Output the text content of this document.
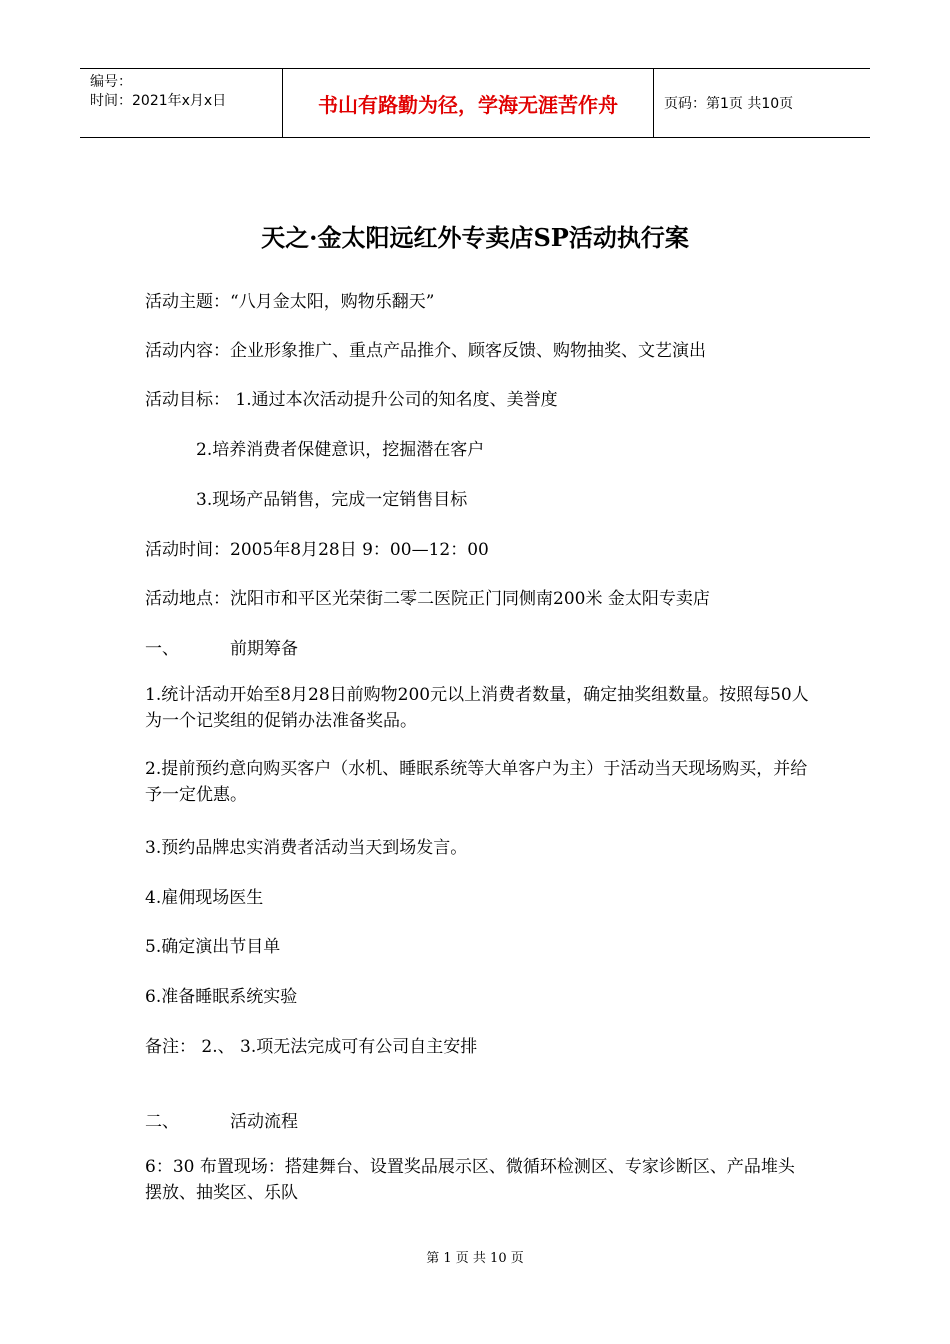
编号：
时间：2021年x月x日	书山有路勤为径，学海无涯苦作舟	页码：第1页 共10页
天之·金太阳远红外专卖店SP活动执行案
活动主题：“八月金太阳，购物乐翻天”
活动内容：企业形象推广、重点产品推介、顾客反馈、购物抽奖、文艺演出
活动目标： 1.通过本次活动提升公司的知名度、美誉度
2.培养消费者保健意识，挖掘潜在客户
3.现场产品销售，完成一定销售目标
活动时间：2005年8月28日 9：00—12：00
活动地点：沈阳市和平区光荣街二零二医院正门同侧南200米 金太阳专卖店
一、	前期筹备
1.统计活动开始至8月28日前购物200元以上消费者数量，确定抽奖组数量。按照每50人为一个记奖组的促销办法准备奖品。
2.提前预约意向购买客户（水机、睡眠系统等大单客户为主）于活动当天现场购买，并给予一定优惠。
3.预约品牌忠实消费者活动当天到场发言。
4.雇佣现场医生
5.确定演出节目单
6.准备睡眠系统实验
备注： 2.、 3.项无法完成可有公司自主安排
二、	活动流程
6：30 布置现场：搭建舞台、设置奖品展示区、微循环检测区、专家诊断区、产品堆头摆放、抽奖区、乐队
第 1 页 共 10 页
